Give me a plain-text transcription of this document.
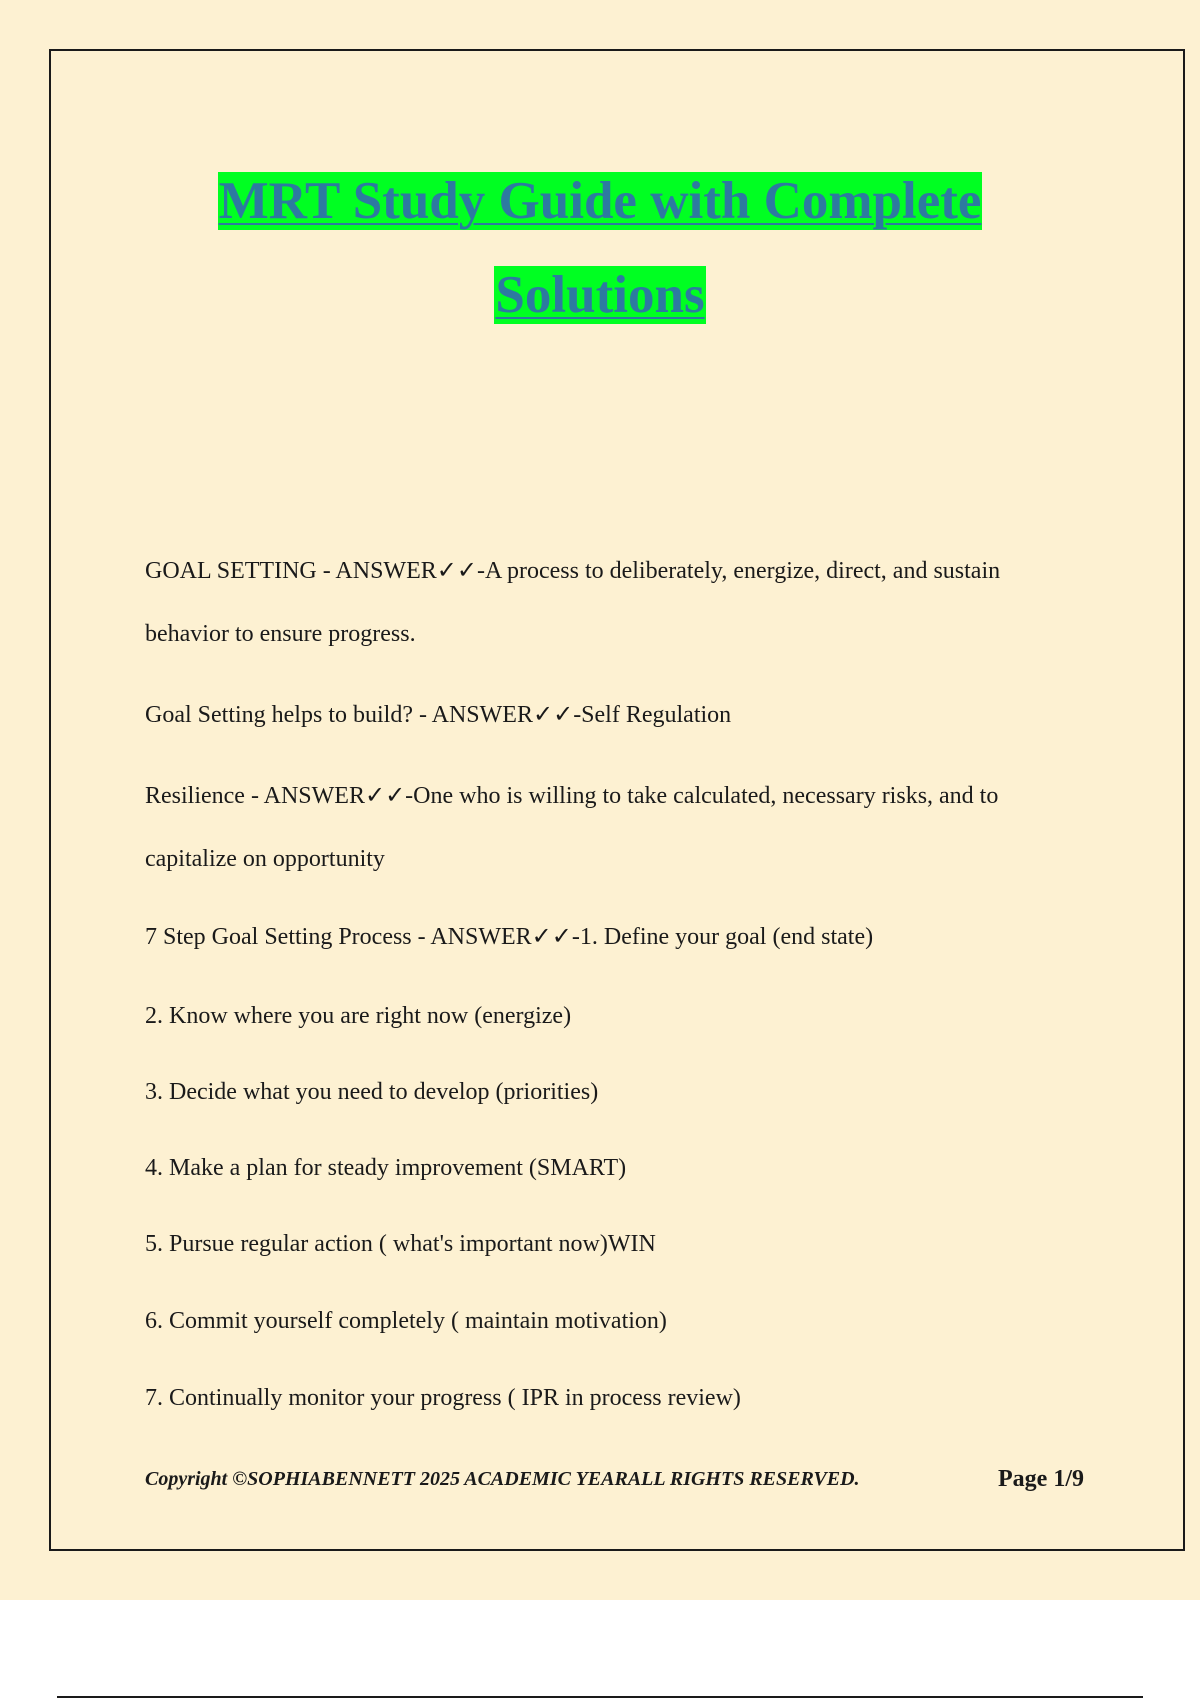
MRT Study Guide with Complete
Solutions

GOAL SETTING - ANSWER✓✓-A process to deliberately, energize, direct, and sustain

behavior to ensure progress.

Goal Setting helps to build? - ANSWER✓✓-Self Regulation

Resilience - ANSWER✓✓-One who is willing to take calculated, necessary risks, and to

capitalize on opportunity

7 Step Goal Setting Process - ANSWER✓✓-1. Define your goal (end state)

2. Know where you are right now (energize)

3. Decide what you need to develop (priorities)

4. Make a plan for steady improvement (SMART)

5. Pursue regular action ( what's important now)WIN

6. Commit yourself completely ( maintain motivation)

7. Continually monitor your progress ( IPR in process review)

Copyright ©SOPHIABENNETT 2025 ACADEMIC YEARALL RIGHTS RESERVED.	Page 1/9
